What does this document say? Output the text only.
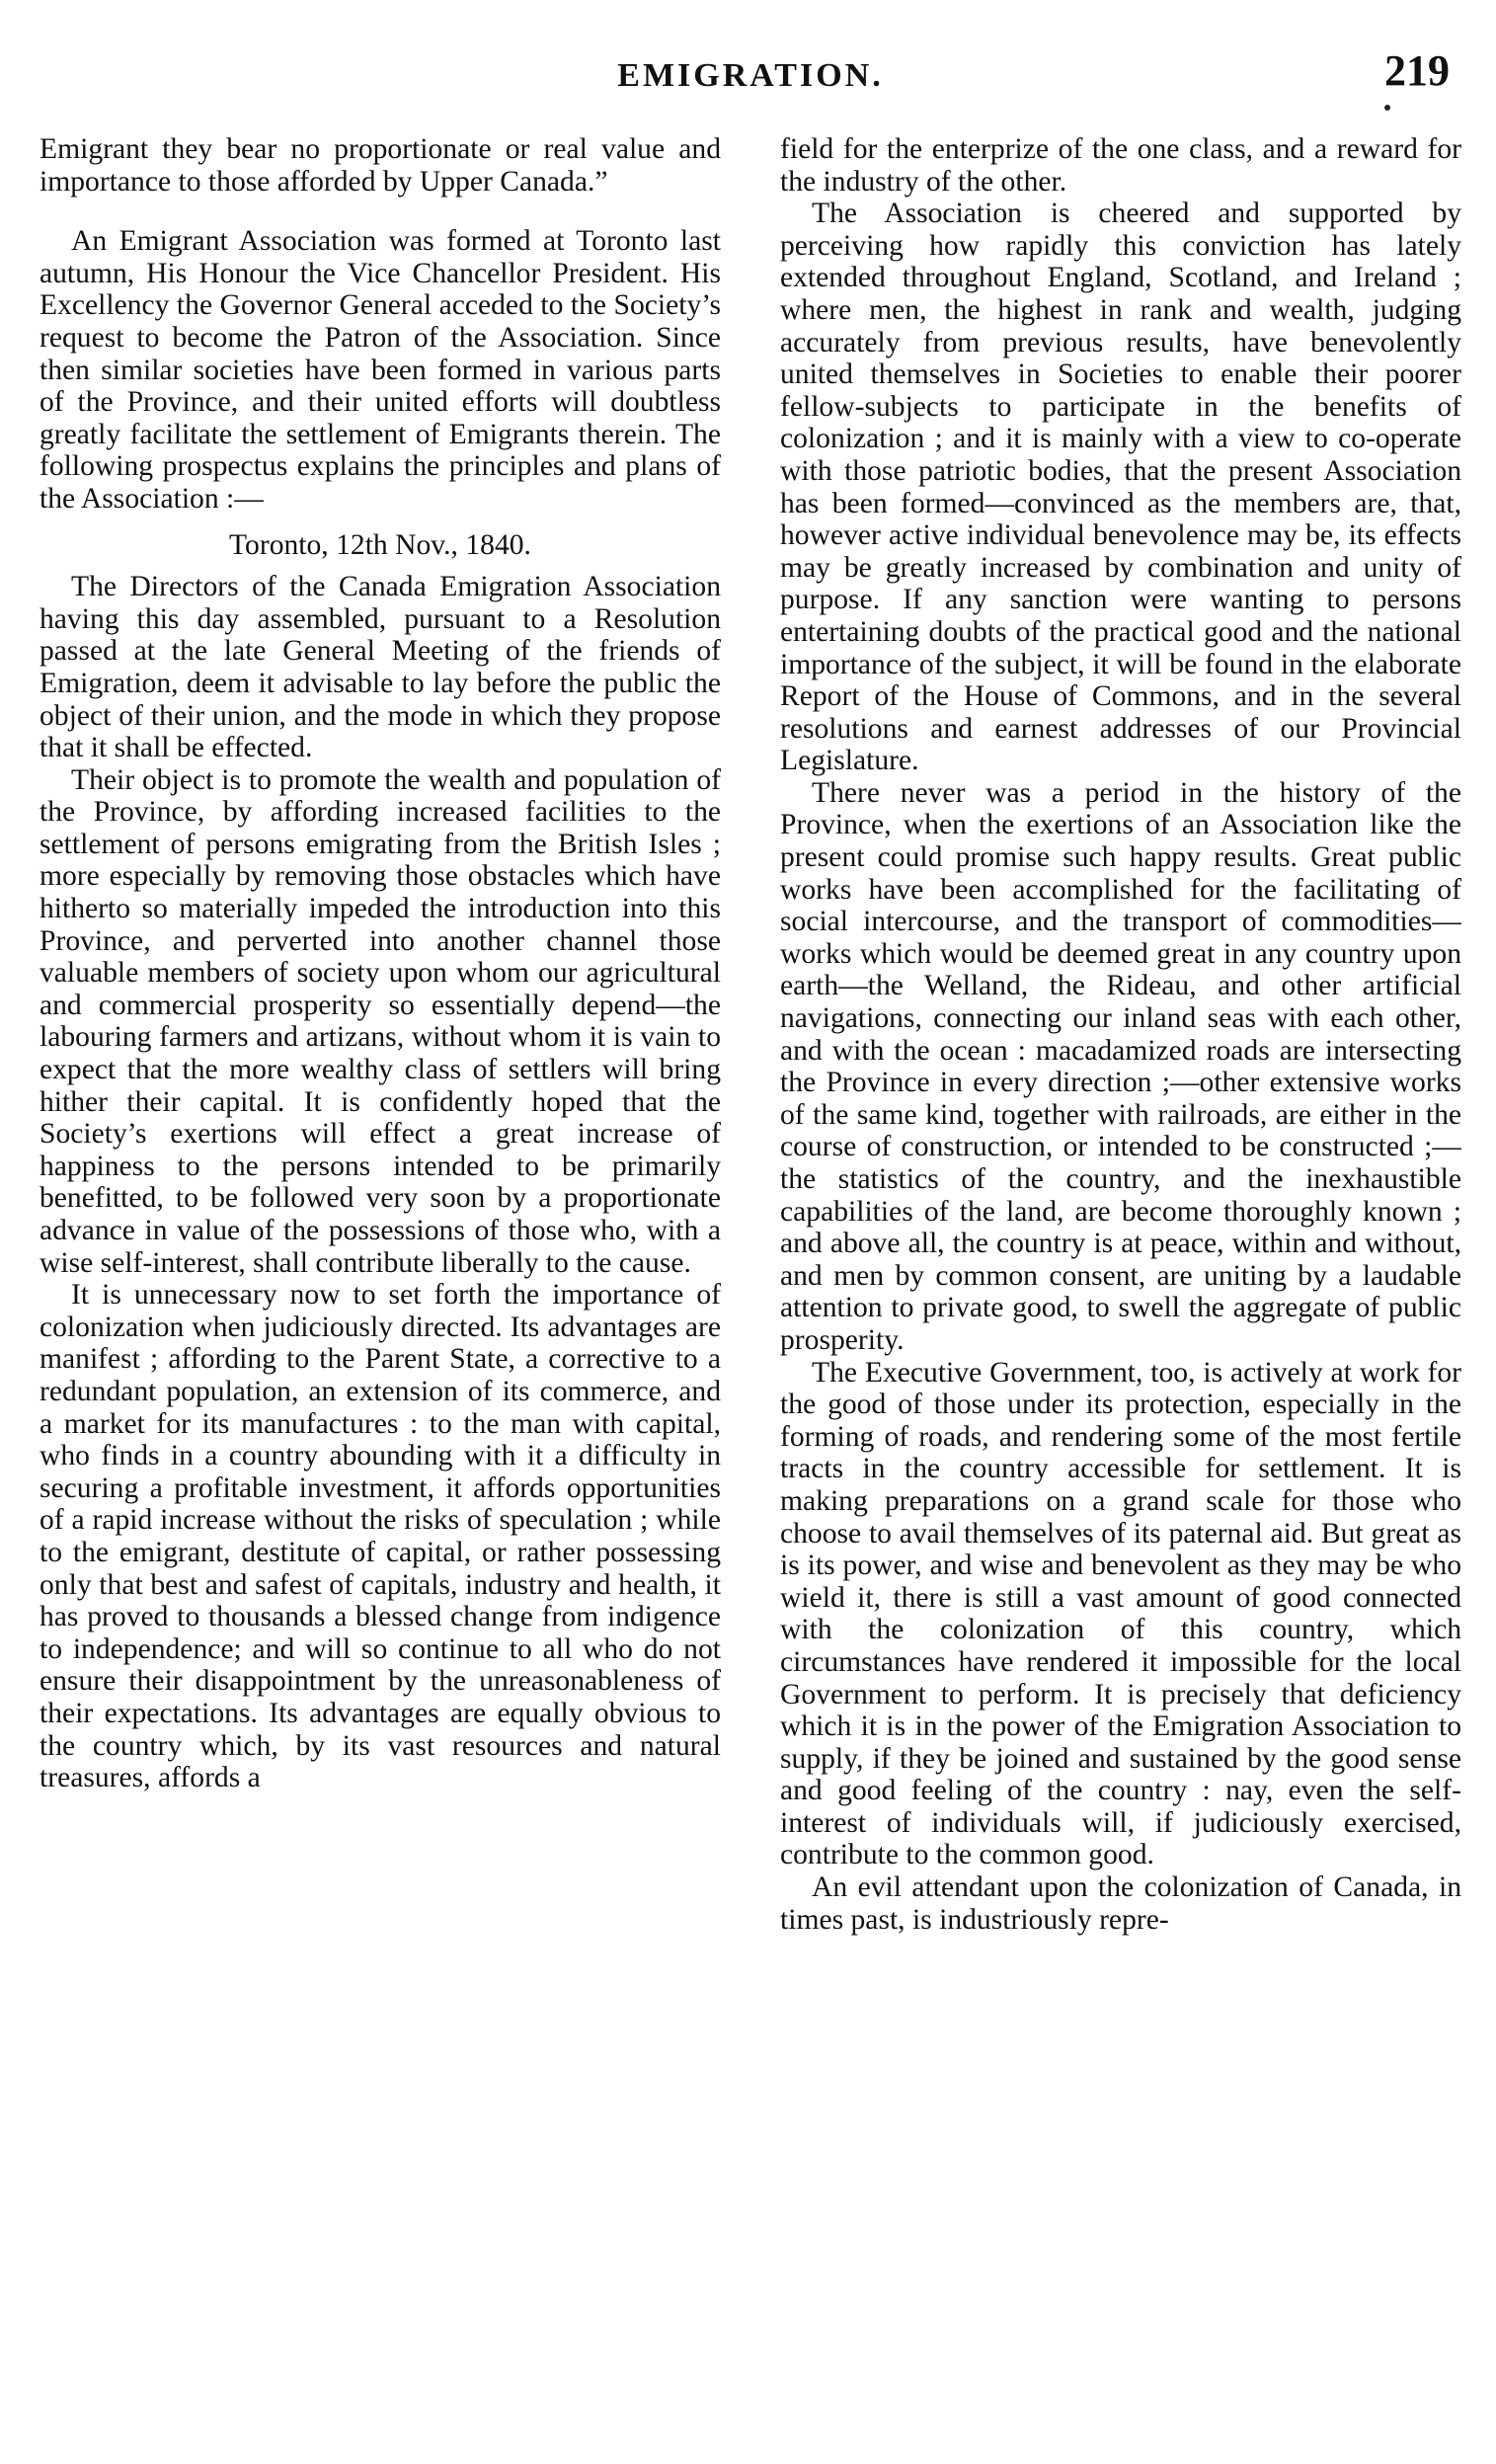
EMIGRATION.	219

Emigrant they bear no proportionate or real value and importance to those afforded by Upper Canada.”

An Emigrant Association was formed at Toronto last autumn, His Honour the Vice Chancellor President. His Excellency the Governor General acceded to the Society’s request to become the Patron of the Association. Since then similar societies have been formed in various parts of the Province, and their united efforts will doubtless greatly facilitate the settlement of Emigrants therein. The following prospectus explains the principles and plans of the Association :—

Toronto, 12th Nov., 1840.

The Directors of the Canada Emigration Association having this day assembled, pursuant to a Resolution passed at the late General Meeting of the friends of Emigration, deem it advisable to lay before the public the object of their union, and the mode in which they propose that it shall be effected.

Their object is to promote the wealth and population of the Province, by affording increased facilities to the settlement of persons emigrating from the British Isles ; more especially by removing those obstacles which have hitherto so materially impeded the introduction into this Province, and perverted into another channel those valuable members of society upon whom our agricultural and commercial prosperity so essentially depend—the labouring farmers and artizans, without whom it is vain to expect that the more wealthy class of settlers will bring hither their capital. It is confidently hoped that the Society’s exertions will effect a great increase of happiness to the persons intended to be primarily benefitted, to be followed very soon by a proportionate advance in value of the possessions of those who, with a wise self-interest, shall contribute liberally to the cause.

It is unnecessary now to set forth the importance of colonization when judiciously directed. Its advantages are manifest ; affording to the Parent State, a corrective to a redundant population, an extension of its commerce, and a market for its manufactures : to the man with capital, who finds in a country abounding with it a difficulty in securing a profitable investment, it affords opportunities of a rapid increase without the risks of speculation ; while to the emigrant, destitute of capital, or rather possessing only that best and safest of capitals, industry and health, it has proved to thousands a blessed change from indigence to independence; and will so continue to all who do not ensure their disappointment by the unreasonableness of their expectations. Its advantages are equally obvious to the country which, by its vast resources and natural treasures, affords a

field for the enterprize of the one class, and a reward for the industry of the other.

The Association is cheered and supported by perceiving how rapidly this conviction has lately extended throughout England, Scotland, and Ireland ; where men, the highest in rank and wealth, judging accurately from previous results, have benevolently united themselves in Societies to enable their poorer fellow-subjects to participate in the benefits of colonization ; and it is mainly with a view to co-operate with those patriotic bodies, that the present Association has been formed—convinced as the members are, that, however active individual benevolence may be, its effects may be greatly increased by combination and unity of purpose. If any sanction were wanting to persons entertaining doubts of the practical good and the national importance of the subject, it will be found in the elaborate Report of the House of Commons, and in the several resolutions and earnest addresses of our Provincial Legislature.

There never was a period in the history of the Province, when the exertions of an Association like the present could promise such happy results. Great public works have been accomplished for the facilitating of social intercourse, and the transport of commodities—works which would be deemed great in any country upon earth—the Welland, the Rideau, and other artificial navigations, connecting our inland seas with each other, and with the ocean : macadamized roads are intersecting the Province in every direction ;—other extensive works of the same kind, together with railroads, are either in the course of construction, or intended to be constructed ;—the statistics of the country, and the inexhaustible capabilities of the land, are become thoroughly known ; and above all, the country is at peace, within and without, and men by common consent, are uniting by a laudable attention to private good, to swell the aggregate of public prosperity.

The Executive Government, too, is actively at work for the good of those under its protection, especially in the forming of roads, and rendering some of the most fertile tracts in the country accessible for settlement. It is making preparations on a grand scale for those who choose to avail themselves of its paternal aid. But great as is its power, and wise and benevolent as they may be who wield it, there is still a vast amount of good connected with the colonization of this country, which circumstances have rendered it impossible for the local Government to perform. It is precisely that deficiency which it is in the power of the Emigration Association to supply, if they be joined and sustained by the good sense and good feeling of the country : nay, even the self-interest of individuals will, if judiciously exercised, contribute to the common good.

An evil attendant upon the colonization of Canada, in times past, is industriously repre-
